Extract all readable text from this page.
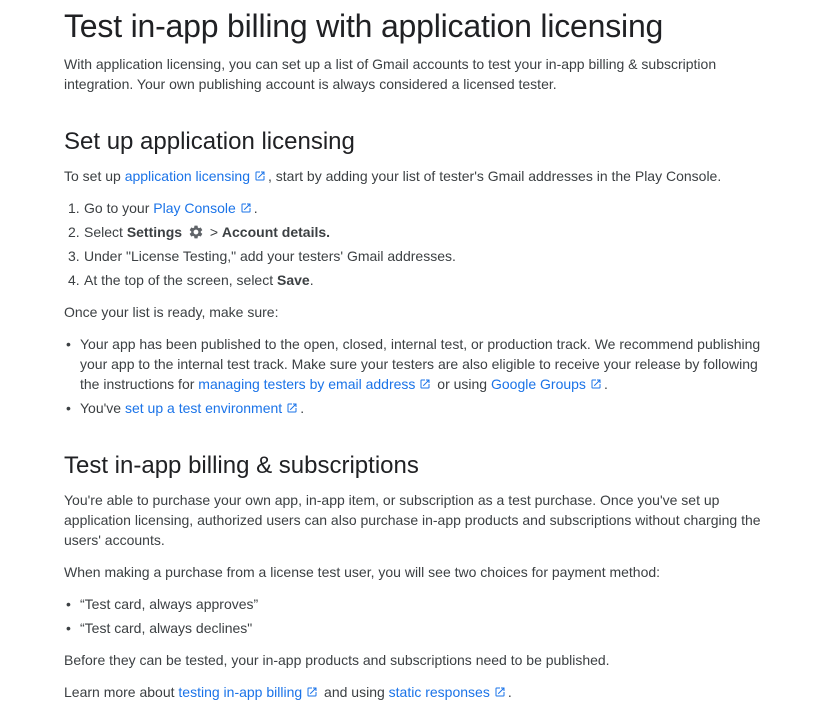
Test in-app billing with application licensing

With application licensing, you can set up a list of Gmail accounts to test your in-app billing & subscription integration. Your own publishing account is always considered a licensed tester.

Set up application licensing

To set up application licensing , start by adding your list of tester's Gmail addresses in the Play Console.

1. Go to your Play Console .
2. Select Settings  > Account details.
3. Under "License Testing," add your testers' Gmail addresses.
4. At the top of the screen, select Save.

Once your list is ready, make sure:

• Your app has been published to the open, closed, internal test, or production track. We recommend publishing your app to the internal test track. Make sure your testers are also eligible to receive your release by following the instructions for managing testers by email address or using Google Groups .
• You've set up a test environment .
Test in-app billing & subscriptions

You're able to purchase your own app, in-app item, or subscription as a test purchase. Once you've set up application licensing, authorized users can also purchase in-app products and subscriptions without charging the users' accounts.

When making a purchase from a license test user, you will see two choices for payment method:

• “Test card, always approves”
• “Test card, always declines"

Before they can be tested, your in-app products and subscriptions need to be published.

Learn more about testing in-app billing and using static responses .
